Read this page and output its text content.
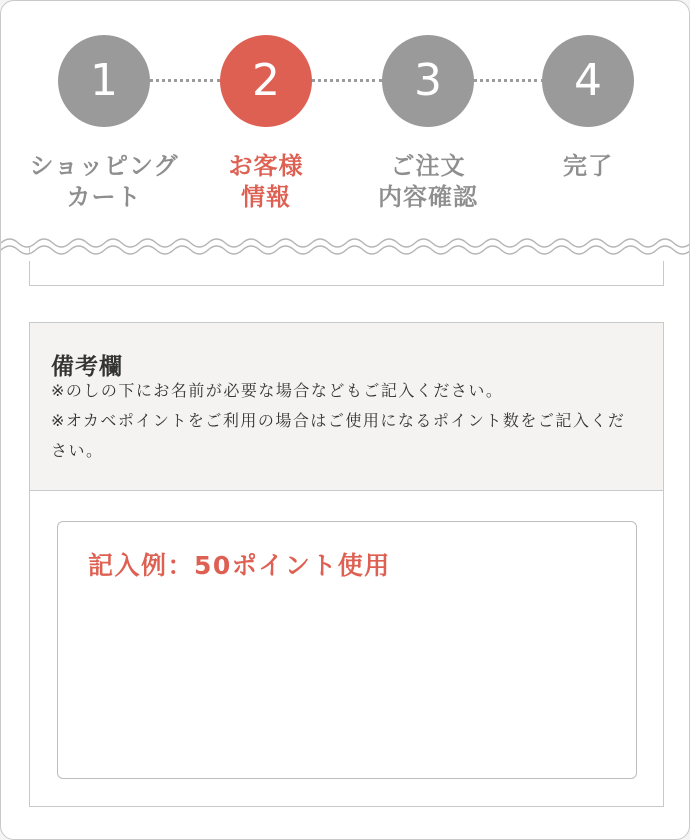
1	2	3	4
ショッピング
カート
お客様
情報
ご注文
内容確認
完了
備考欄
※のしの下にお名前が必要な場合などもご記入ください。
※オカベポイントをご利用の場合はご使用になるポイント数をご記入ください。
記入例：50ポイント使用
